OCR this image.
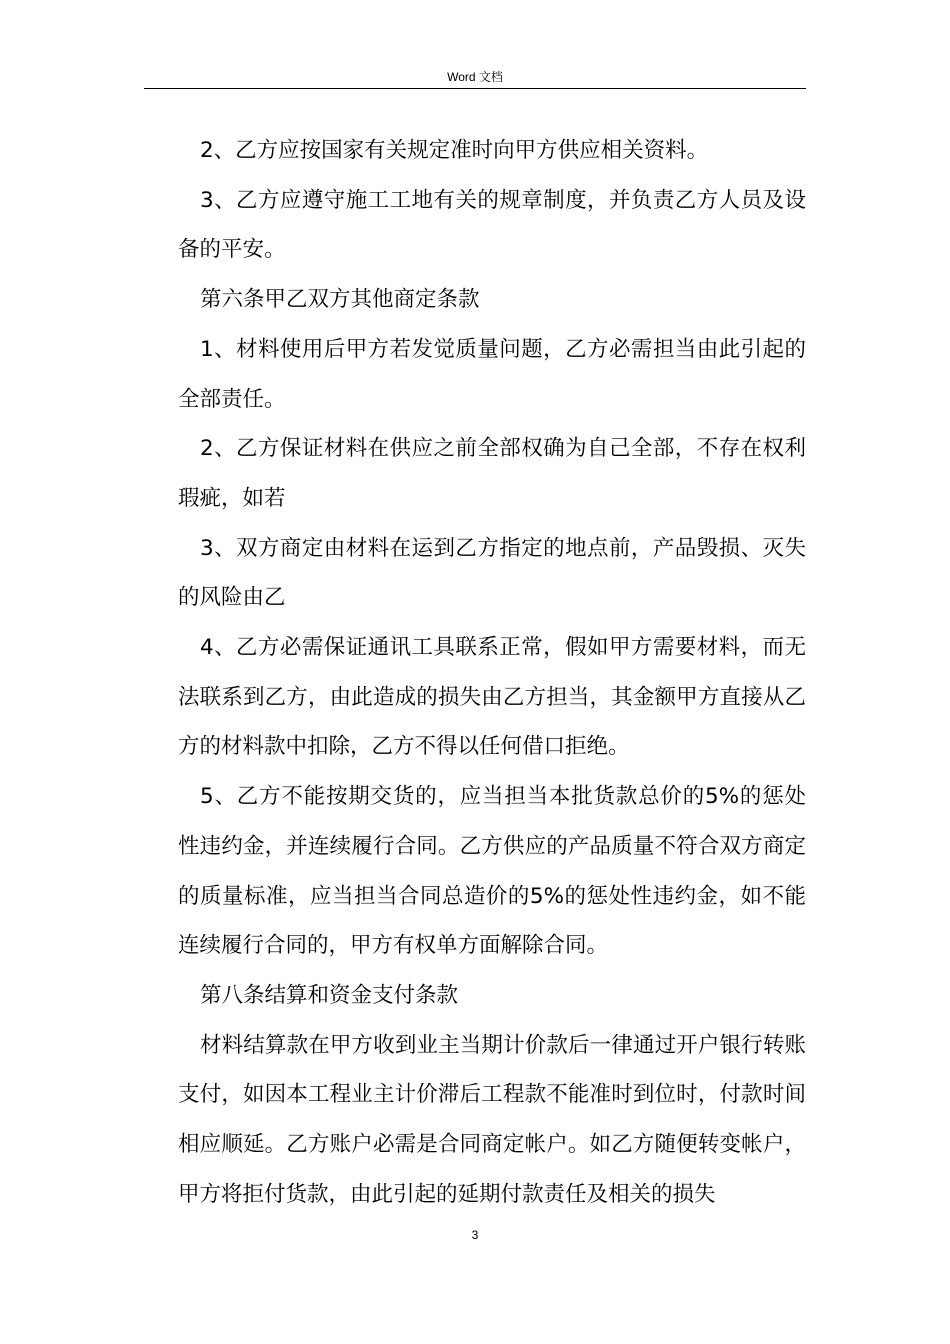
Word 文档

2、乙方应按国家有关规定准时向甲方供应相关资料。

3、乙方应遵守施工工地有关的规章制度，并负责乙方人员及设备的平安。

第六条甲乙双方其他商定条款

1、材料使用后甲方若发觉质量问题，乙方必需担当由此引起的全部责任。

2、乙方保证材料在供应之前全部权确为自己全部，不存在权利瑕疵，如若

3、双方商定由材料在运到乙方指定的地点前，产品毁损、灭失的风险由乙

4、乙方必需保证通讯工具联系正常，假如甲方需要材料，而无法联系到乙方，由此造成的损失由乙方担当，其金额甲方直接从乙方的材料款中扣除，乙方不得以任何借口拒绝。

5、乙方不能按期交货的，应当担当本批货款总价的5%的惩处性违约金，并连续履行合同。乙方供应的产品质量不符合双方商定的质量标准，应当担当合同总造价的5%的惩处性违约金，如不能连续履行合同的，甲方有权单方面解除合同。

第八条结算和资金支付条款

材料结算款在甲方收到业主当期计价款后一律通过开户银行转账支付，如因本工程业主计价滞后工程款不能准时到位时，付款时间相应顺延。乙方账户必需是合同商定帐户。如乙方随便转变帐户，甲方将拒付货款，由此引起的延期付款责任及相关的损失

3
